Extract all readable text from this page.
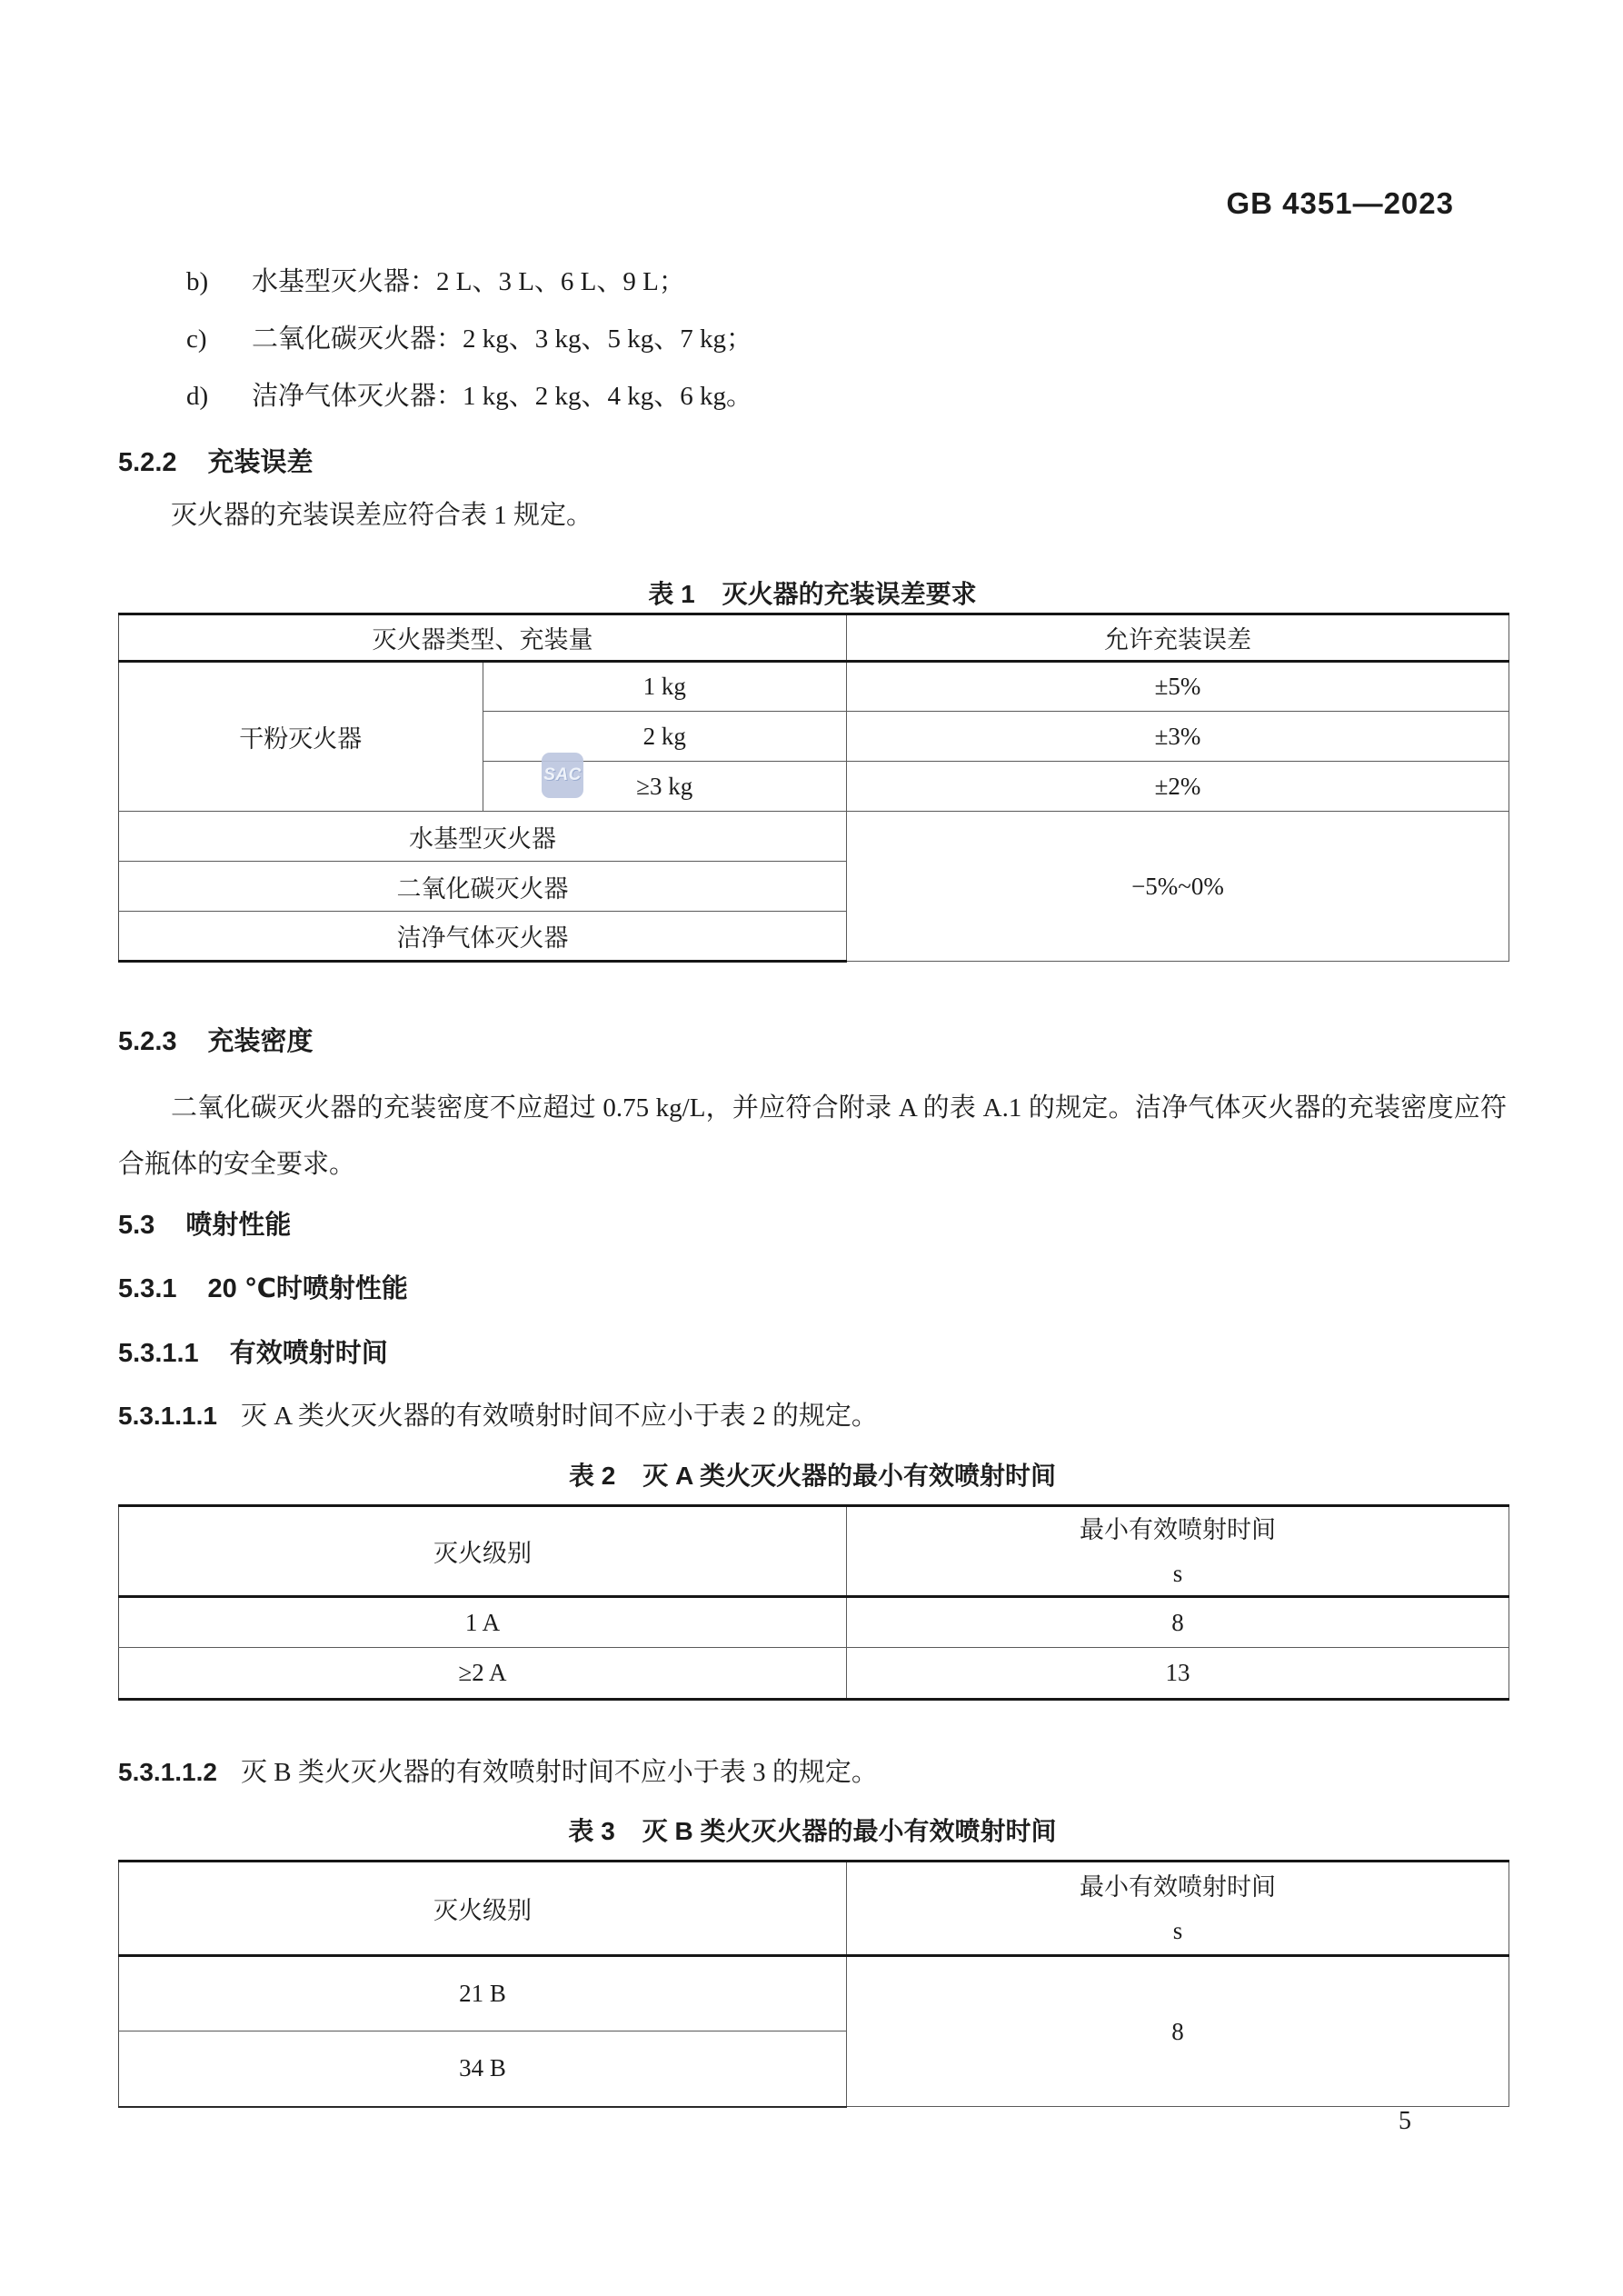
GB 4351—2023
b)	水基型灭火器：2 L、3 L、6 L、9 L；
c)	二氧化碳灭火器：2 kg、3 kg、5 kg、7 kg；
d)	洁净气体灭火器：1 kg、2 kg、4 kg、6 kg。
5.2.2 充装误差
灭火器的充装误差应符合表 1 规定。
表 1 灭火器的充装误差要求
灭火器类型、充装量		允许充装误差
干粉灭火器	1 kg	±5%
	2 kg	±3%
	≥3 kg	±2%
水基型灭火器		−5%~0%
二氧化碳灭火器		
洁净气体灭火器		
SAC
5.2.3 充装密度
二氧化碳灭火器的充装密度不应超过 0.75 kg/L，并应符合附录 A 的表 A.1 的规定。洁净气体灭火器的充装密度应符合瓶体的安全要求。
5.3 喷射性能
5.3.1 20 ℃时喷射性能
5.3.1.1 有效喷射时间
5.3.1.1.1 灭 A 类火灭火器的有效喷射时间不应小于表 2 的规定。
表 2 灭 A 类火灭火器的最小有效喷射时间
灭火级别	最小有效喷射时间
s

1 A	8
≥2 A	13
5.3.1.1.2 灭 B 类火灭火器的有效喷射时间不应小于表 3 的规定。
表 3 灭 B 类火灭火器的最小有效喷射时间
灭火级别	最小有效喷射时间
s

21 B	8
34 B	
5
